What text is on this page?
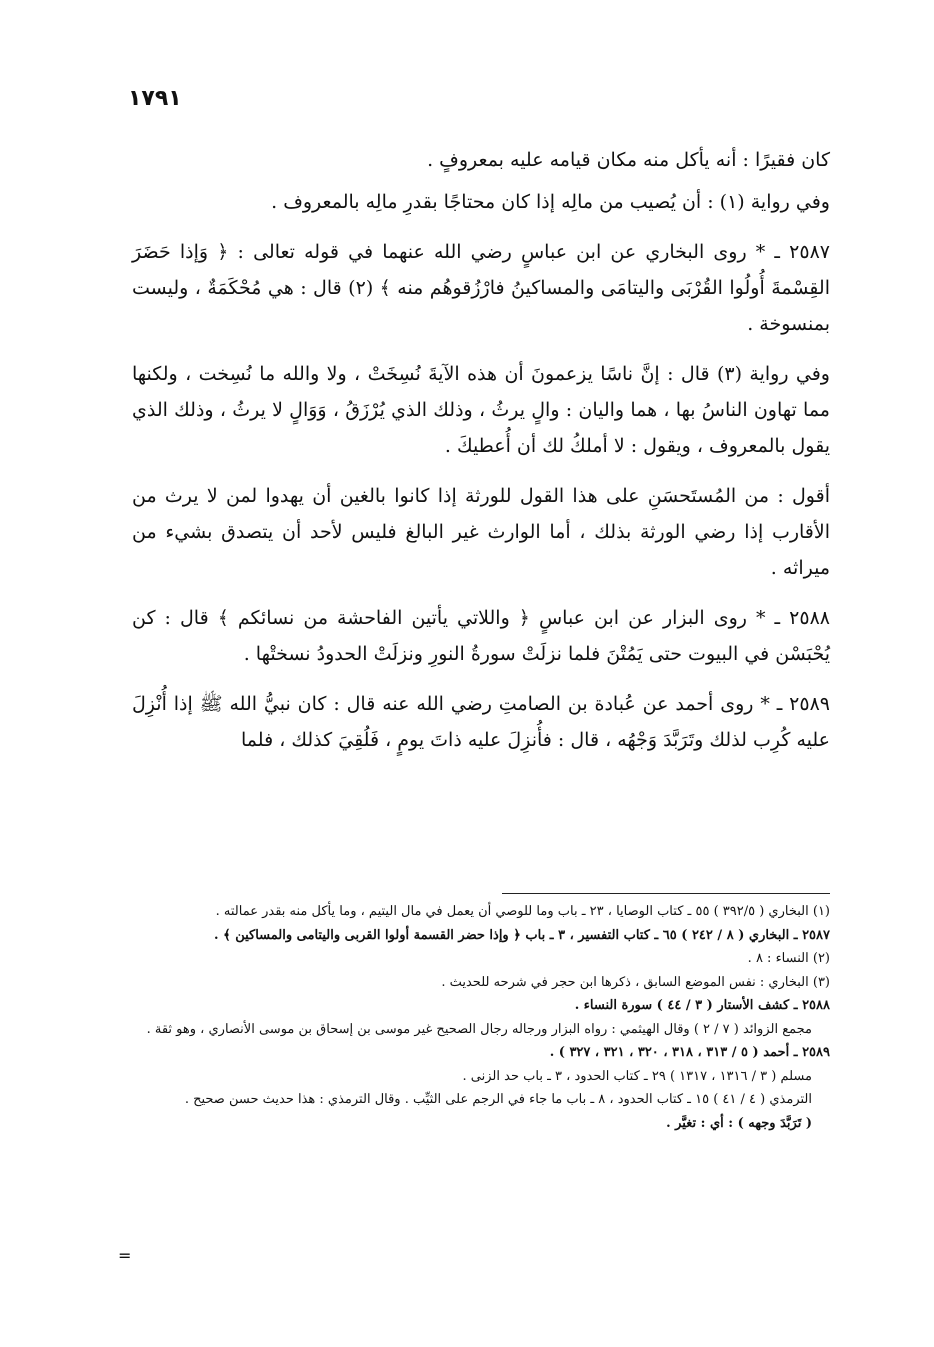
١٧٩١

كان فقيرًا : أنه يأكل منه مكان قيامه عليه بمعروفٍ .

وفي رواية (١) : أن يُصيب من مالِه إذا كان محتاجًا بقدرِ مالِه بالمعروف .

٢٥٨٧ ـ * روى البخاري عن ابن عباسٍ رضي الله عنهما في قوله تعالى : ﴿ وَإذا حَضَرَ القِسْمةَ أُولُوا القُرْبَى واليتامَى والمساكينُ فارْزُقوهُم منه ﴾ (٢) قال : هي مُحْكَمَةٌ ، وليست بمنسوخة .

وفي رواية (٣) قال : إنَّ ناسًا يزعمونَ أن هذه الآيةَ نُسِخَتْ ، ولا والله ما نُسِخت ، ولكنها مما تهاون الناسُ بها ، هما واليان : والٍ يرثُ ، وذلك الذي يُرْزَقُ ، وَوَالٍ لا يرثُ ، وذلك الذي يقول بالمعروف ، ويقول : لا أملكُ لك أن أُعطيكَ .

أقول : من المُستَحسَنِ على هذا القول للورثة إذا كانوا بالغين أن يهدوا لمن لا يرث من الأقارب إذا رضي الورثة بذلك ، أما الوارث غير البالغ فليس لأحد أن يتصدق بشيء من ميراثه .

٢٥٨٨ ـ * روى البزار عن ابن عباسٍ ﴿ واللاتي يأتين الفاحشة من نسائكم ﴾ قال : كن يُحْبَسْن في البيوت حتى يَمُتْنَ فلما نزلَتْ سورةُ النورِ ونزلَتْ الحدودُ نسختْها .

٢٥٨٩ ـ * روى أحمد عن عُبادة بن الصامتِ رضي الله عنه قال : كان نبيُّ الله ﷺ إذا أُنْزِلَ عليه كُرِب لذلك وتَرَبَّدَ وَجْهُه ، قال : فأُنزِلَ عليه ذاتَ يومٍ ، فَلُقِيَ كذلك ، فلما

(١) البخاري ( ٣٩٢/٥ ) ٥٥ ـ كتاب الوصايا ، ٢٣ ـ باب وما للوصي أن يعمل في مال اليتيم ، وما يأكل منه بقدر عمالته .

٢٥٨٧ ـ البخاري ( ٨ / ٢٤٢ ) ٦٥ ـ كتاب التفسير ، ٣ ـ باب ﴿ وإذا حضر القسمة أولوا القربى واليتامى والمساكين ﴾ .

(٢) النساء : ٨ .

(٣) البخاري : نفس الموضع السابق ، ذكرها ابن حجر في شرحه للحديث .

٢٥٨٨ ـ كشف الأستار ( ٣ / ٤٤ ) سورة النساء .

مجمع الزوائد ( ٧ / ٢ ) وقال الهيثمي : رواه البزار ورجاله رجال الصحيح غير موسى بن إسحاق بن موسى الأنصاري ، وهو ثقة .

٢٥٨٩ ـ أحمد ( ٥ / ٣١٣ ، ٣١٨ ، ٣٢٠ ، ٣٢١ ، ٣٢٧ ) .

مسلم ( ٣ / ١٣١٦ ، ١٣١٧ ) ٢٩ ـ كتاب الحدود ، ٣ ـ باب حد الزنى .

الترمذي ( ٤ / ٤١ ) ١٥ ـ كتاب الحدود ، ٨ ـ باب ما جاء في الرجم على الثيِّب . وقال الترمذي : هذا حديث حسن صحيح .

( تَرَبَّدَ وجهه ) : أي : تغيَّر .

=
